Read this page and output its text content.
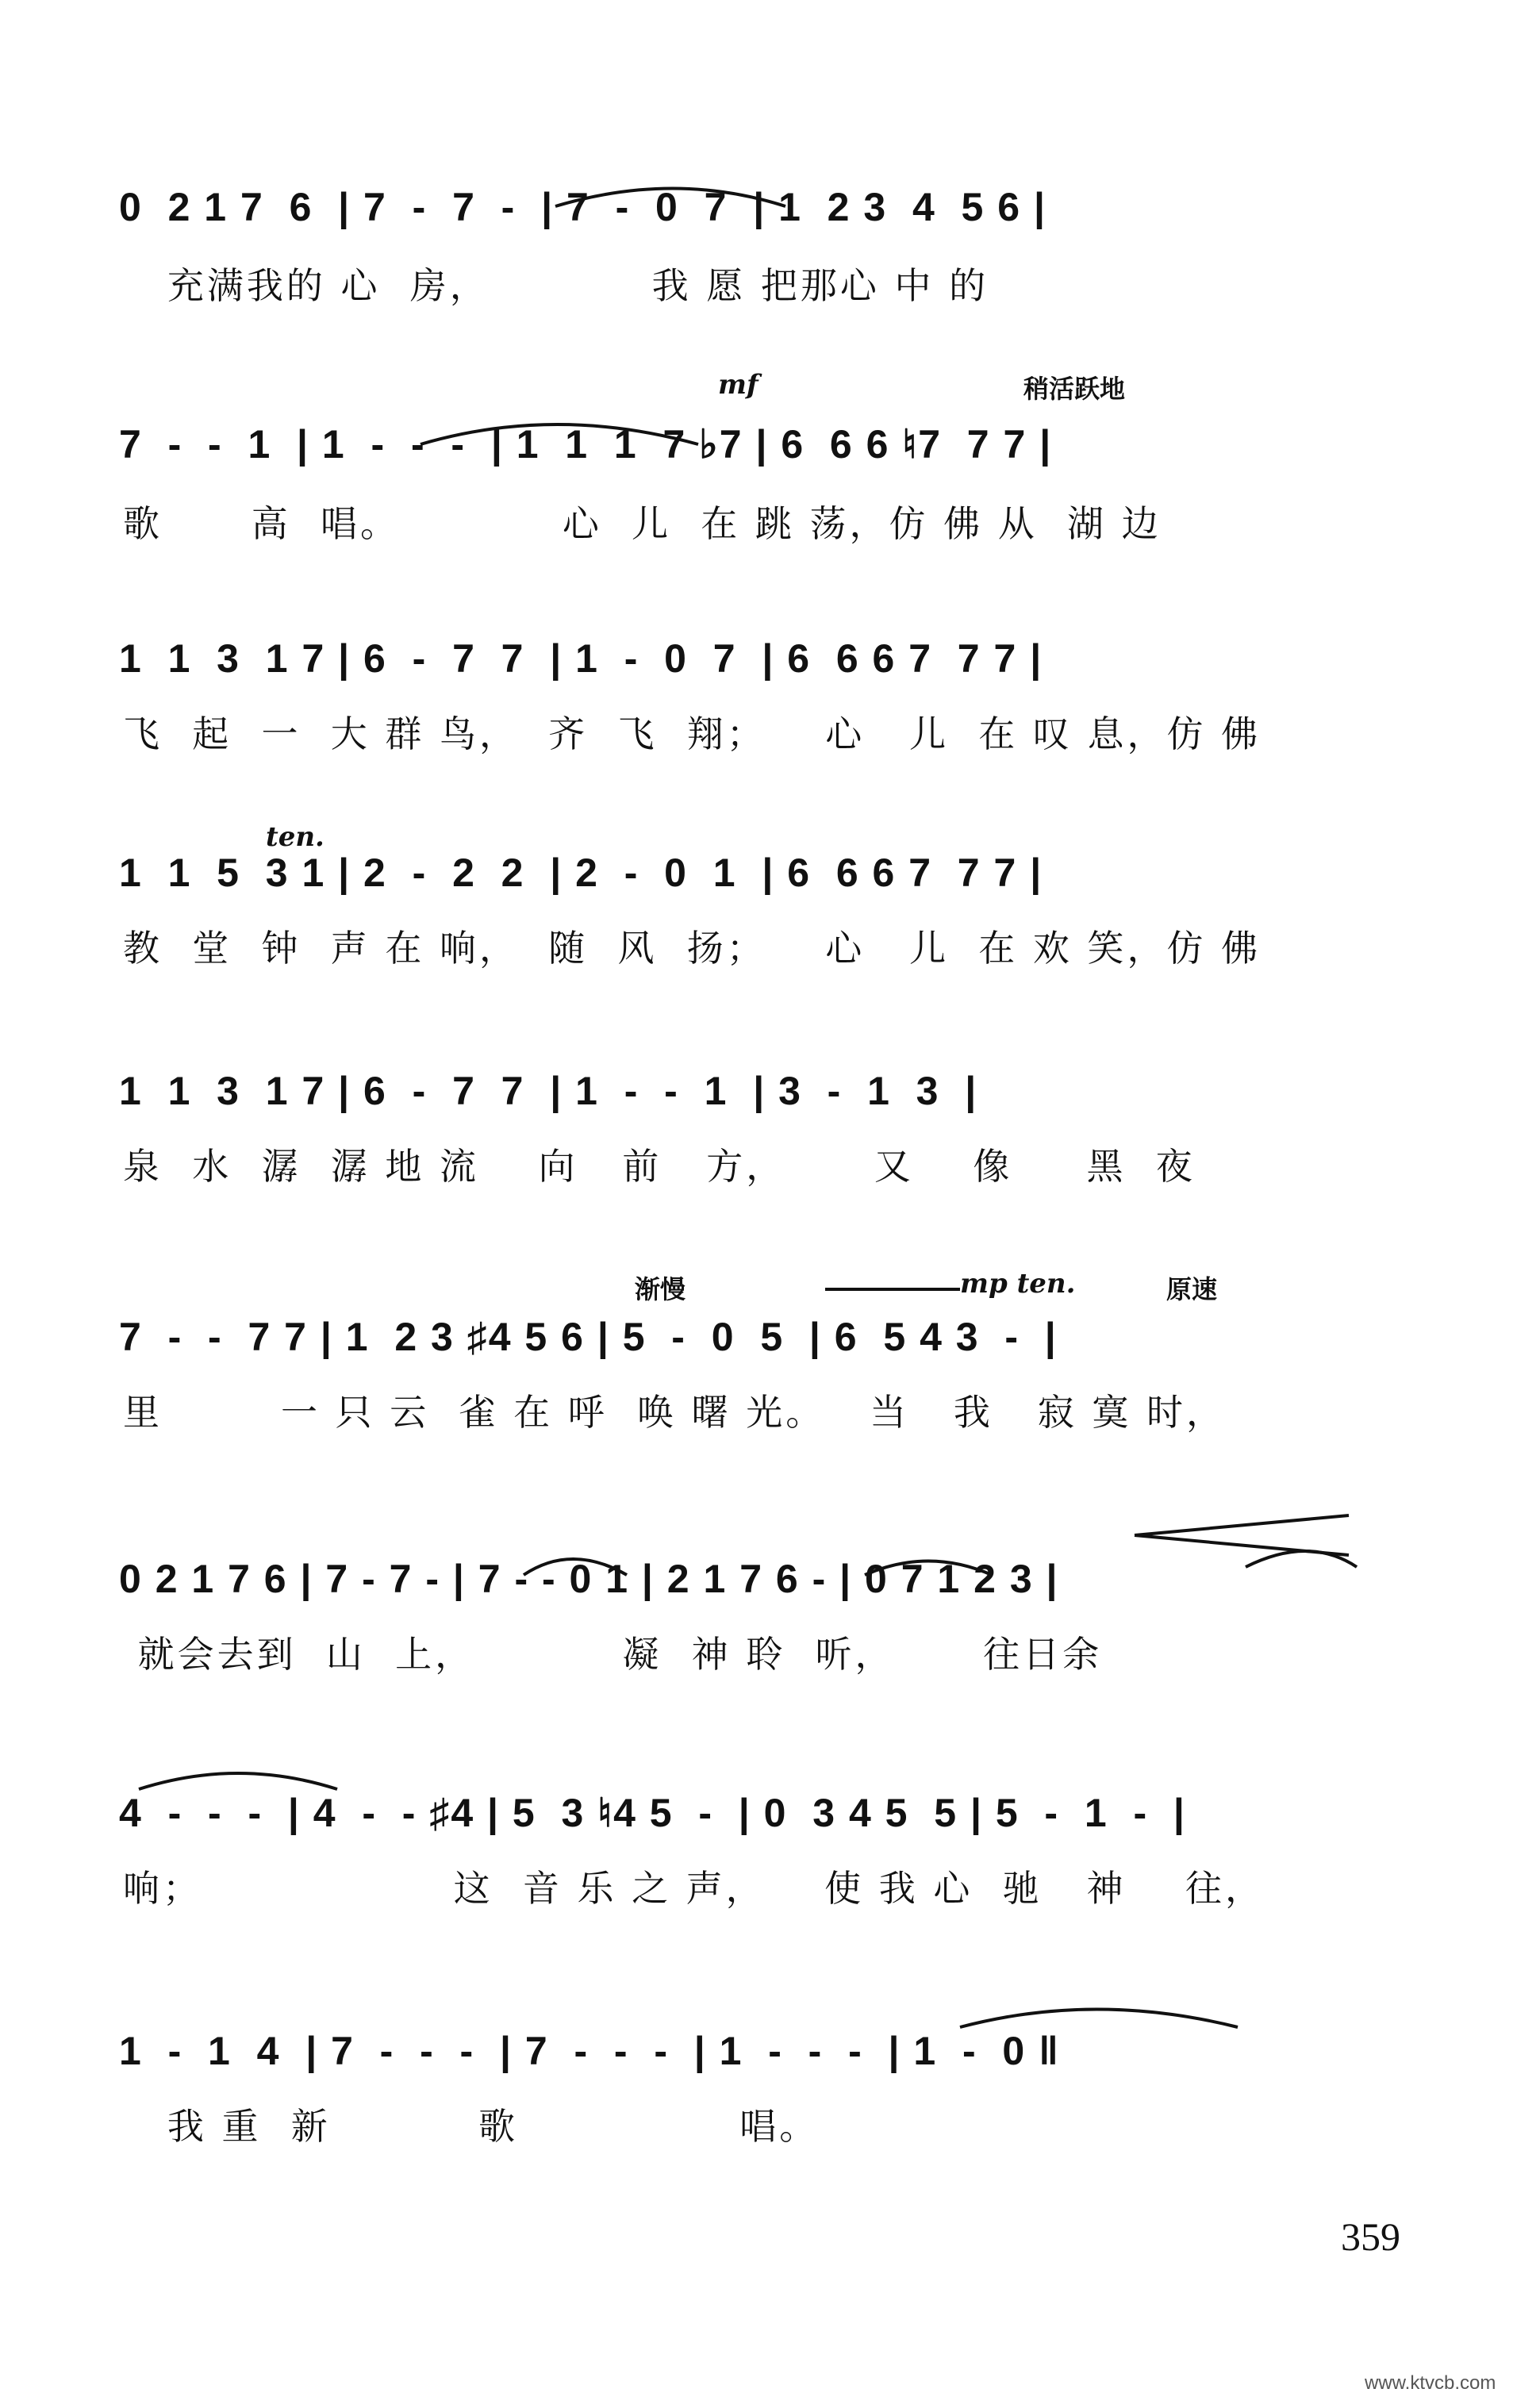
0  2 1 7  6  | 7  -  7  -  | 7  -  0  7  | 1  2 3  4  5 6 |
充满我的 心  房，           我 愿 把那心 中 的
mf	稍活跃地
7  -  -  1  | 1  -  -  -  | 1  1  1  7 ♭7 | 6  6 6 ♮7  7 7 |
歌      高  唱。           心  儿  在 跳 荡，仿 佛 从  湖 边
1  1  3  1 7 | 6  -  7  7  | 1  -  0  7  | 6  6 6 7  7 7 |
飞  起  一  大 群 鸟，  齐  飞  翔；    心   儿  在 叹 息，仿 佛
ten.
1  1  5  3 1 | 2  -  2  2  | 2  -  0  1  | 6  6 6 7  7 7 |
教  堂  钟  声 在 响，  随  风  扬；    心   儿  在 欢 笑，仿 佛
1  1  3  1 7 | 6  -  7  7  | 1  -  -  1  | 3  -  1  3  |
泉  水  潺  潺 地 流    向   前   方，      又    像     黑  夜
渐慢	mp ten.	原速
7  -  -  7 7 | 1  2 3 ♯4 5 6 | 5  -  0  5  | 6  5 4 3  -  |
里        一 只 云  雀 在 呼  唤 曙 光。   当   我   寂 寞 时，
0 2 1 7 6 | 7 - 7 - | 7 - - 0 1 | 2 1 7 6 - | 0 7 1 2 3 |
就会去到  山  上，          凝  神 聆  听，      往日余
4  -  -  -  | 4  -  - ♯4 | 5  3 ♮4 5  -  | 0  3 4 5  5 | 5  -  1  -  |
响；                 这  音 乐 之 声，    使 我 心  驰   神    往，
1  -  1  4  | 7  -  -  -  | 7  -  -  -  | 1  -  -  -  | 1  -  0 ‖
我 重  新          歌               唱。
359
www.ktvcb.com
